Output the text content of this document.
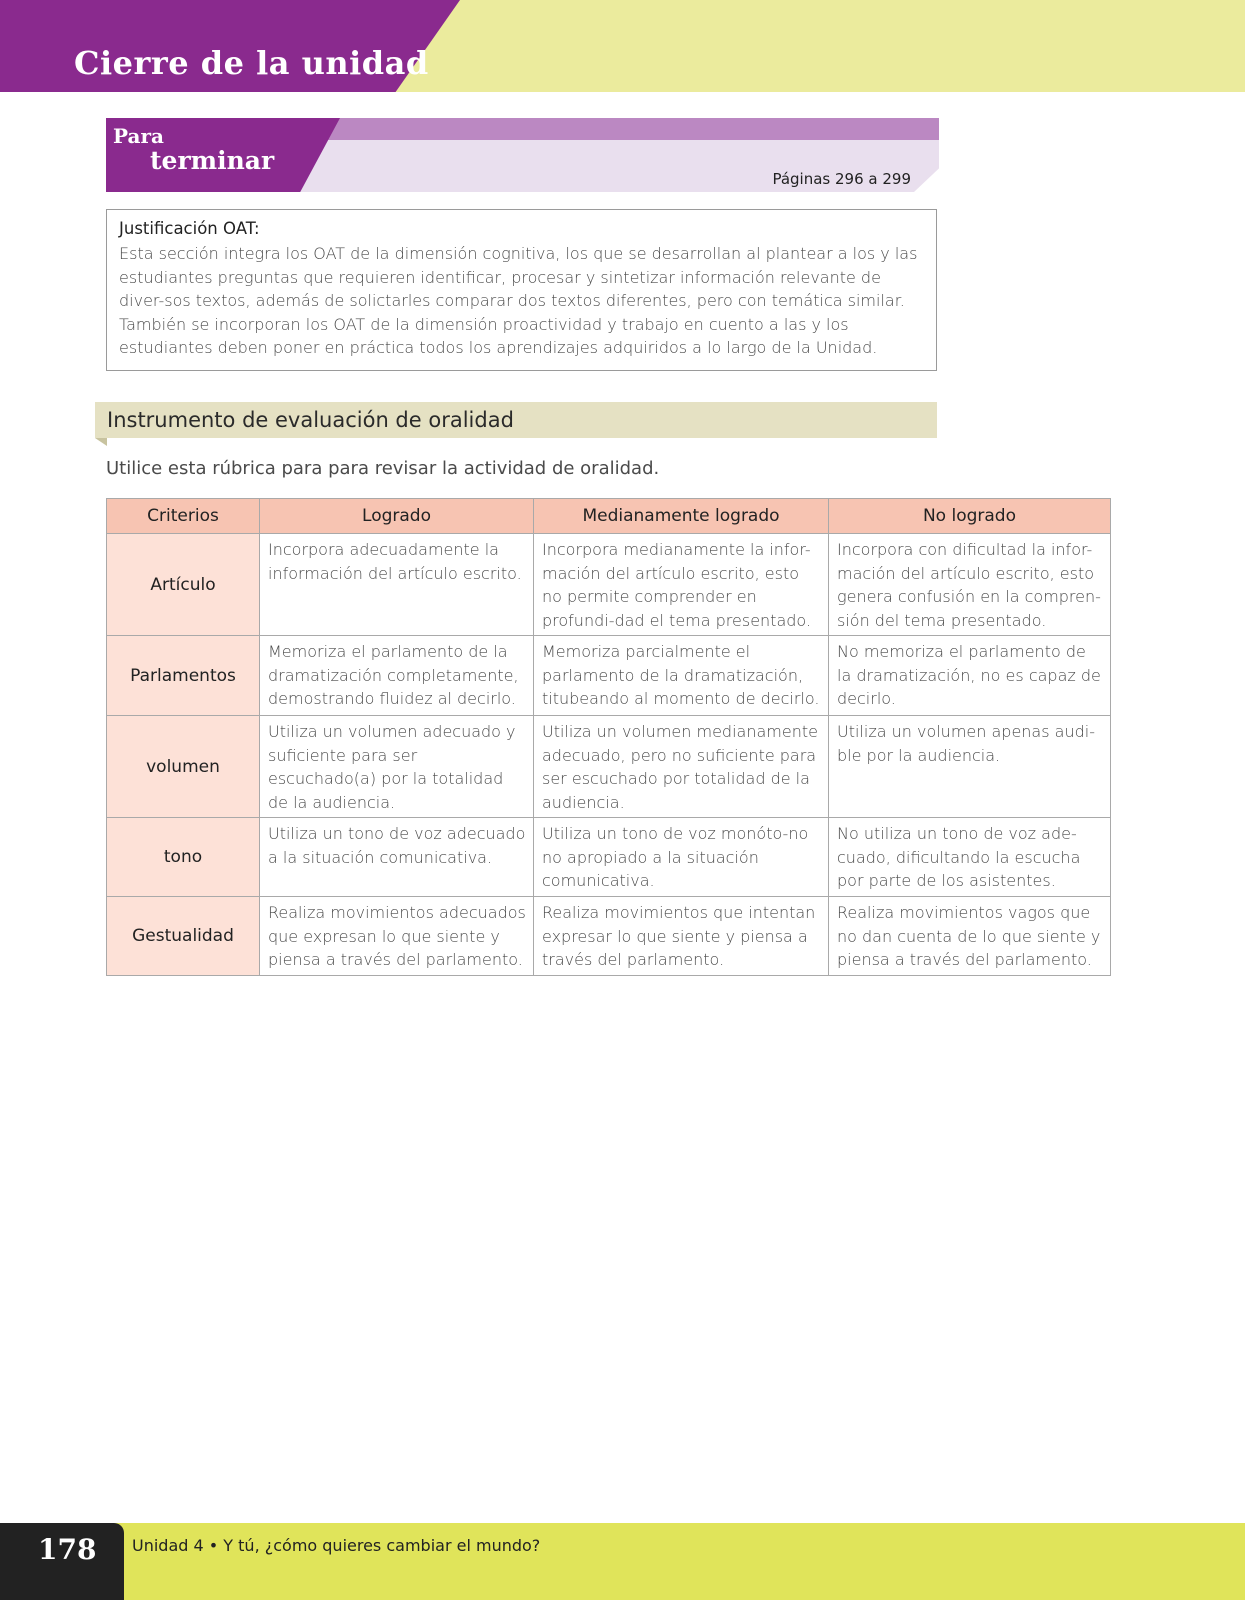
Cierre de la unidad
Para
terminar
Páginas 296 a 299
Justificación OAT:
Esta sección integra los OAT de la dimensión cognitiva, los que se desarrollan al plantear a los y las estudiantes preguntas que requieren identificar, procesar y sintetizar información relevante de diver-sos textos, además de solictarles comparar dos textos diferentes, pero con temática similar. También se incorporan los OAT de la dimensión proactividad y trabajo en cuento a las y los estudiantes deben poner en práctica todos los aprendizajes adquiridos a lo largo de la Unidad.
Instrumento de evaluación de oralidad
Utilice esta rúbrica para para revisar la actividad de oralidad.
Criterios	Logrado	Medianamente logrado	No logrado
Artículo	Incorpora adecuadamente la información del artículo escrito.	Incorpora medianamente la infor-mación del artículo escrito, esto no permite comprender en profundi-dad el tema presentado.	Incorpora con dificultad la infor-mación del artículo escrito, esto genera confusión en la compren-sión del tema presentado.
Parlamentos	Memoriza el parlamento de la dramatización completamente, demostrando fluidez al decirlo.	Memoriza parcialmente el parlamento de la dramatización, titubeando al momento de decirlo.	No memoriza el parlamento de la dramatización, no es capaz de decirlo.
volumen	Utiliza un volumen adecuado y suficiente para ser escuchado(a) por la totalidad de la audiencia.	Utiliza un volumen medianamente adecuado, pero no suficiente para ser escuchado por totalidad de la audiencia.	Utiliza un volumen apenas audi-ble por la audiencia.
tono	Utiliza un tono de voz adecuado a la situación comunicativa.	Utiliza un tono de voz monóto-no no apropiado a la situación comunicativa.	No utiliza un tono de voz ade-cuado, dificultando la escucha por parte de los asistentes.
Gestualidad	Realiza movimientos adecuados que expresan lo que siente y piensa a través del parlamento.	Realiza movimientos que intentan expresar lo que siente y piensa a través del parlamento.	Realiza movimientos vagos que no dan cuenta de lo que siente y piensa a través del parlamento.
178 Unidad 4 • Y tú, ¿cómo quieres cambiar el mundo?
